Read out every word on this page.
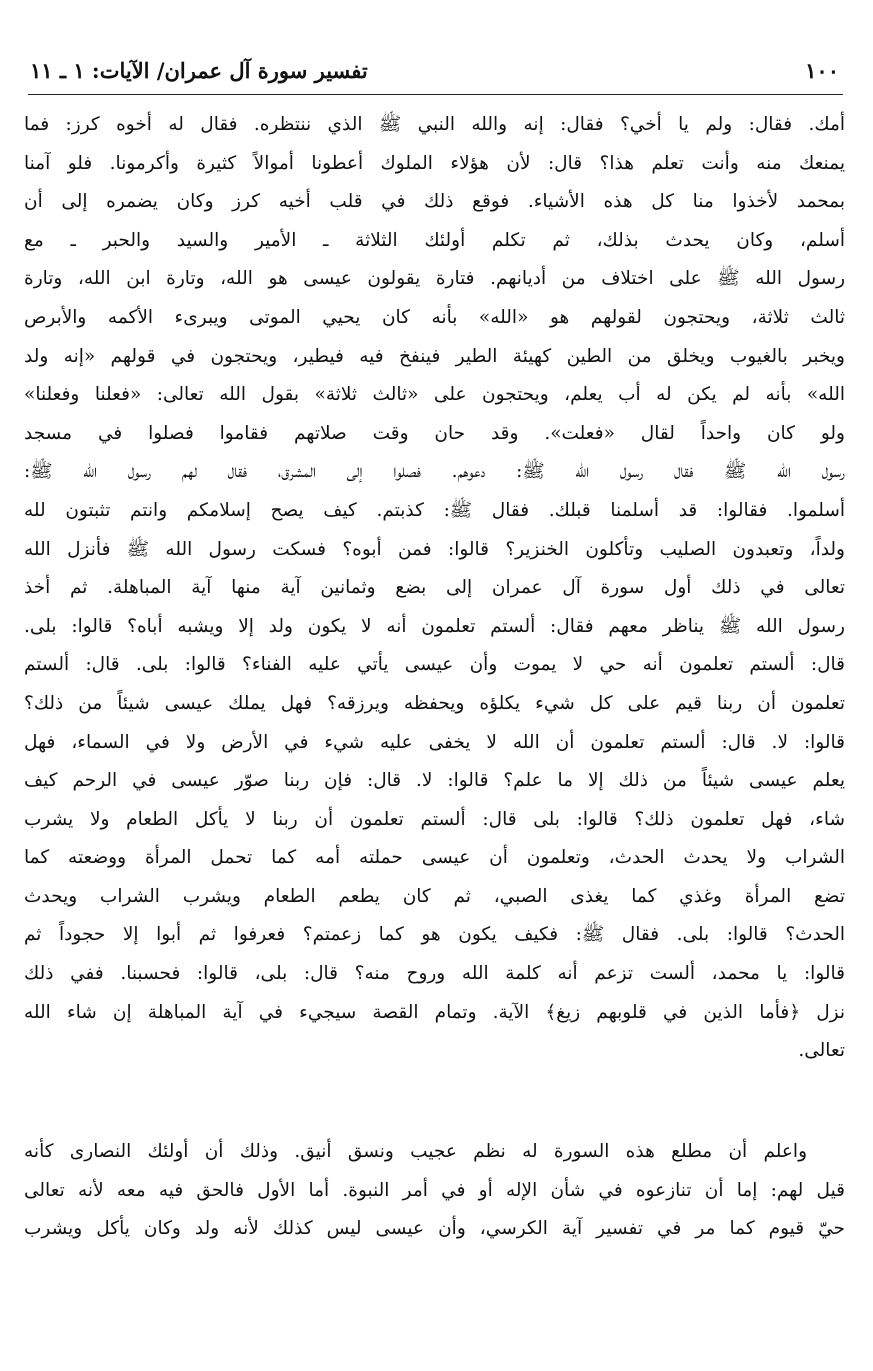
١٠٠
تفسير سورة آل عمران/ الآيات: ١ ـ ١١
أمك. فقال: ولم يا أخي؟ فقال: إنه والله النبي ﷺ الذي ننتظره. فقال له أخوه كرز: فما
يمنعك منه وأنت تعلم هذا؟ قال: لأن هؤلاء الملوك أعطونا أموالاً كثيرة وأكرمونا. فلو آمنا
بمحمد لأخذوا منا كل هذه الأشياء. فوقع ذلك في قلب أخيه كرز وكان يضمره إلى أن
أسلم، وكان يحدث بذلك، ثم تكلم أولئك الثلاثة ـ الأمير والسيد والحبر ـ مع
رسول الله ﷺ على اختلاف من أديانهم. فتارة يقولون عيسى هو الله، وتارة ابن الله، وتارة
ثالث ثلاثة، ويحتجون لقولهم هو «الله» بأنه كان يحيي الموتى ويبرىء الأكمه والأبرص
ويخبر بالغيوب ويخلق من الطين كهيئة الطير فينفخ فيه فيطير، ويحتجون في قولهم «إنه ولد
الله» بأنه لم يكن له أب يعلم، ويحتجون على «ثالث ثلاثة» بقول الله تعالى: «فعلنا وفعلنا»
ولو كان واحداً لقال «فعلت». وقد حان وقت صلاتهم فقاموا فصلوا في مسجد
رسول الله ﷺ فقال رسول الله ﷺ: دعوهم. فصلوا إلى المشرق، فقال لهم رسول الله ﷺ:
أسلموا. فقالوا: قد أسلمنا قبلك. فقال ﷺ: كذبتم. كيف يصح إسلامكم وانتم تثبتون لله
ولداً، وتعبدون الصليب وتأكلون الخنزير؟ قالوا: فمن أبوه؟ فسكت رسول الله ﷺ فأنزل الله
تعالى في ذلك أول سورة آل عمران إلى بضع وثمانين آية منها آية المباهلة. ثم أخذ
رسول الله ﷺ يناظر معهم فقال: ألستم تعلمون أنه لا يكون ولد إلا ويشبه أباه؟ قالوا: بلى.
قال: ألستم تعلمون أنه حي لا يموت وأن عيسى يأتي عليه الفناء؟ قالوا: بلى. قال: ألستم
تعلمون أن ربنا قيم على كل شيء يكلؤه ويحفظه ويرزقه؟ فهل يملك عيسى شيئاً من ذلك؟
قالوا: لا. قال: ألستم تعلمون أن الله لا يخفى عليه شيء في الأرض ولا في السماء، فهل
يعلم عيسى شيئاً من ذلك إلا ما علم؟ قالوا: لا. قال: فإن ربنا صوّر عيسى في الرحم كيف
شاء، فهل تعلمون ذلك؟ قالوا: بلى قال: ألستم تعلمون أن ربنا لا يأكل الطعام ولا يشرب
الشراب ولا يحدث الحدث، وتعلمون أن عيسى حملته أمه كما تحمل المرأة ووضعته كما
تضع المرأة وغذي كما يغذى الصبي، ثم كان يطعم الطعام ويشرب الشراب ويحدث
الحدث؟ قالوا: بلى. فقال ﷺ: فكيف يكون هو كما زعمتم؟ فعرفوا ثم أبوا إلا حجوداً ثم
قالوا: يا محمد، ألست تزعم أنه كلمة الله وروح منه؟ قال: بلى، قالوا: فحسبنا. ففي ذلك
نزل ﴿فأما الذين في قلوبهم زيغ﴾ الآية. وتمام القصة سيجيء في آية المباهلة إن شاء الله
تعالى.
واعلم أن مطلع هذه السورة له نظم عجيب ونسق أنيق. وذلك أن أولئك النصارى كأنه
قيل لهم: إما أن تنازعوه في شأن الإله أو في أمر النبوة. أما الأول فالحق فيه معه لأنه تعالى
حيّ قيوم كما مر في تفسير آية الكرسي، وأن عيسى ليس كذلك لأنه ولد وكان يأكل ويشرب
